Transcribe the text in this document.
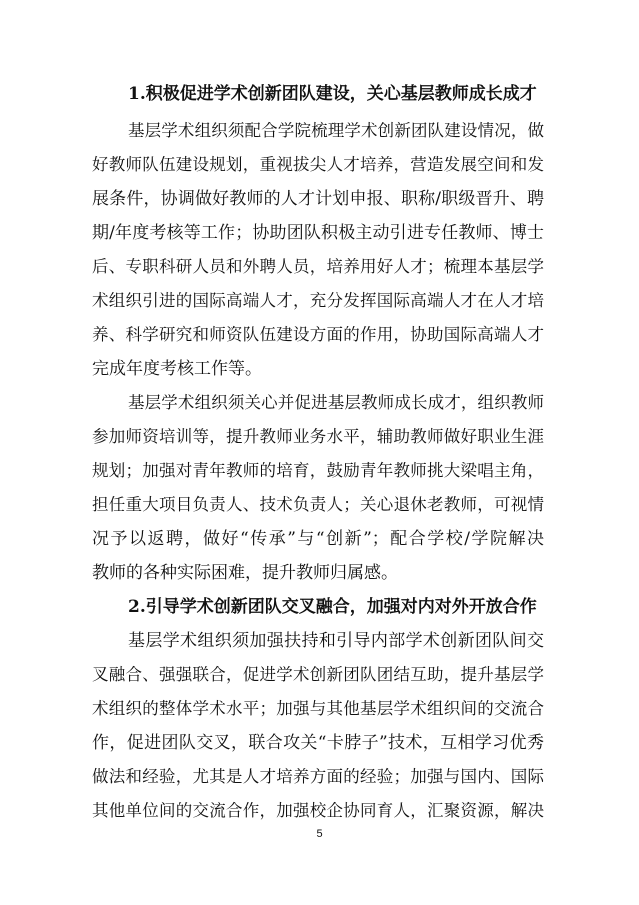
1.积极促进学术创新团队建设，关心基层教师成长成才
基层学术组织须配合学院梳理学术创新团队建设情况，做
好教师队伍建设规划，重视拔尖人才培养，营造发展空间和发
展条件，协调做好教师的人才计划申报、职称/职级晋升、聘
期/年度考核等工作；协助团队积极主动引进专任教师、博士
后、专职科研人员和外聘人员，培养用好人才；梳理本基层学
术组织引进的国际高端人才，充分发挥国际高端人才在人才培
养、科学研究和师资队伍建设方面的作用，协助国际高端人才
完成年度考核工作等。
基层学术组织须关心并促进基层教师成长成才，组织教师
参加师资培训等，提升教师业务水平，辅助教师做好职业生涯
规划；加强对青年教师的培育，鼓励青年教师挑大梁唱主角，
担任重大项目负责人、技术负责人；关心退休老教师，可视情
况予以返聘，做好“传承”与“创新”；配合学校/学院解决
教师的各种实际困难，提升教师归属感。
2.引导学术创新团队交叉融合，加强对内对外开放合作
基层学术组织须加强扶持和引导内部学术创新团队间交
叉融合、强强联合，促进学术创新团队团结互助，提升基层学
术组织的整体学术水平；加强与其他基层学术组织间的交流合
作，促进团队交叉，联合攻关“卡脖子”技术，互相学习优秀
做法和经验，尤其是人才培养方面的经验；加强与国内、国际
其他单位间的交流合作，加强校企协同育人，汇聚资源，解决
5
